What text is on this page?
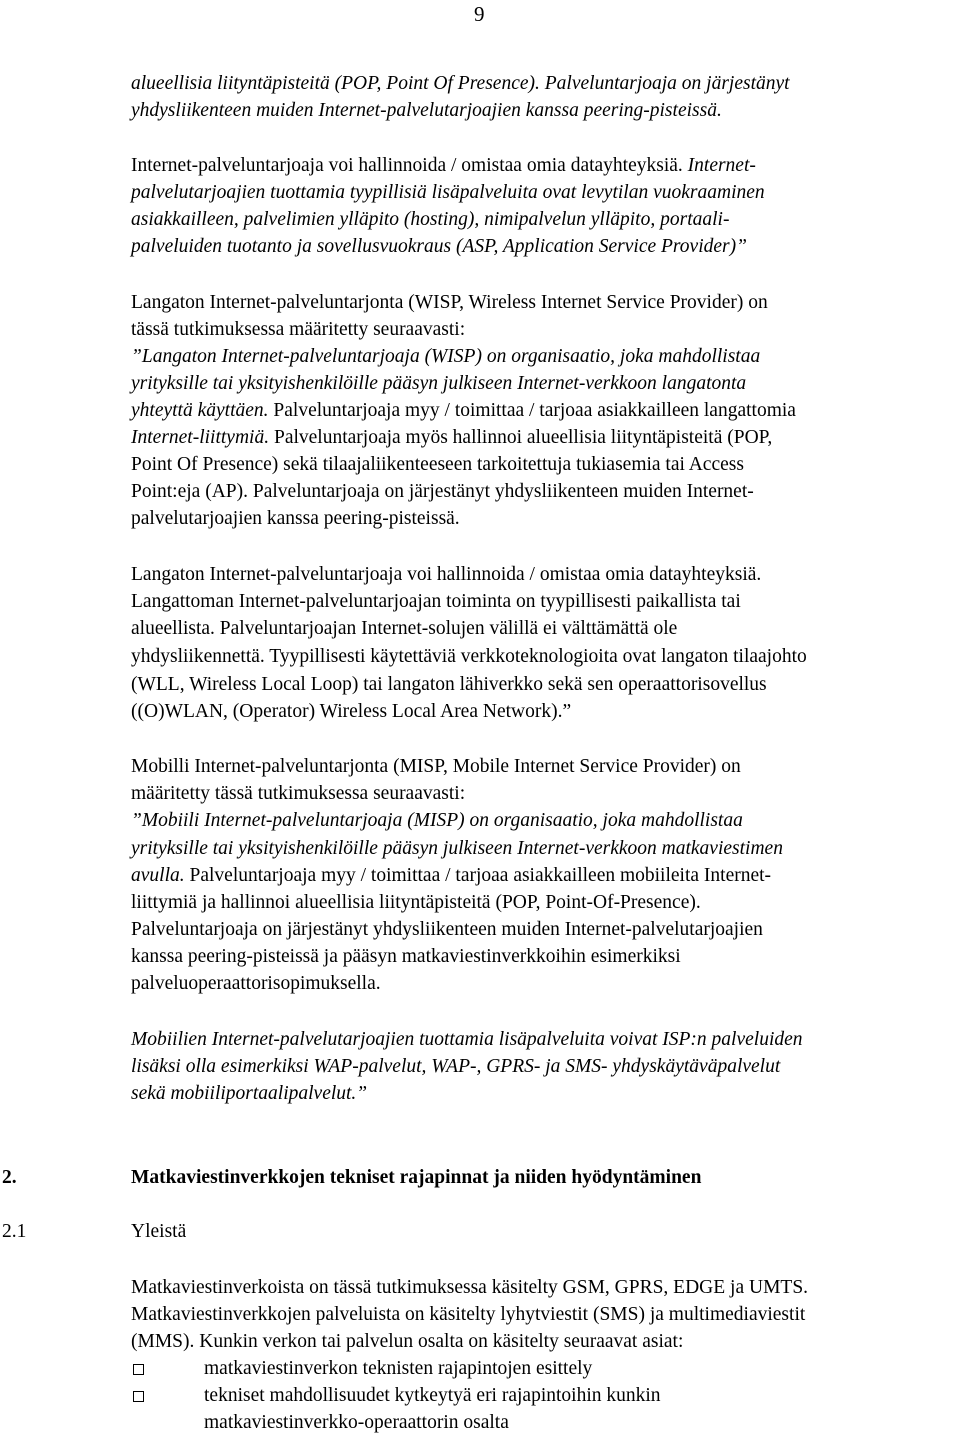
9
alueellisia liityntäpisteitä (POP, Point Of Presence). Palveluntarjoaja on järjestänyt
yhdysliikenteen muiden Internet-palvelutarjoajien kanssa peering-pisteissä.
Internet-palveluntarjoaja voi hallinnoida / omistaa omia datayhteyksiä. Internet-
palvelutarjoajien tuottamia tyypillisiä lisäpalveluita ovat levytilan vuokraaminen
asiakkailleen, palvelimien ylläpito (hosting), nimipalvelun ylläpito, portaali-
palveluiden tuotanto ja sovellusvuokraus (ASP, Application Service Provider)”
Langaton Internet-palveluntarjonta (WISP, Wireless Internet Service Provider) on
tässä tutkimuksessa määritetty seuraavasti:
”Langaton Internet-palveluntarjoaja (WISP) on organisaatio, joka mahdollistaa
yrityksille tai yksityishenkilöille pääsyn julkiseen Internet-verkkoon langatonta
yhteyttä käyttäen. Palveluntarjoaja myy / toimittaa / tarjoaa asiakkailleen langattomia
Internet-liittymiä. Palveluntarjoaja myös hallinnoi alueellisia liityntäpisteitä (POP,
Point Of Presence) sekä tilaajaliikenteeseen tarkoitettuja tukiasemia tai Access
Point:eja (AP). Palveluntarjoaja on järjestänyt yhdysliikenteen muiden Internet-
palvelutarjoajien kanssa peering-pisteissä.
Langaton Internet-palveluntarjoaja voi hallinnoida / omistaa omia datayhteyksiä.
Langattoman Internet-palveluntarjoajan toiminta on tyypillisesti paikallista tai
alueellista. Palveluntarjoajan Internet-solujen välillä ei välttämättä ole
yhdysliikennettä. Tyypillisesti käytettäviä verkkoteknologioita ovat langaton tilaajohto
(WLL, Wireless Local Loop) tai langaton lähiverkko sekä sen operaattorisovellus
((O)WLAN, (Operator) Wireless Local Area Network).”
Mobilli Internet-palveluntarjonta (MISP, Mobile Internet Service Provider) on
määritetty tässä tutkimuksessa seuraavasti:
”Mobiili Internet-palveluntarjoaja (MISP) on organisaatio, joka mahdollistaa
yrityksille tai yksityishenkilöille pääsyn julkiseen Internet-verkkoon matkaviestimen
avulla. Palveluntarjoaja myy / toimittaa / tarjoaa asiakkailleen mobiileita Internet-
liittymiä ja hallinnoi alueellisia liityntäpisteitä (POP, Point-Of-Presence).
Palveluntarjoaja on järjestänyt yhdysliikenteen muiden Internet-palvelutarjoajien
kanssa peering-pisteissä ja pääsyn matkaviestinverkkoihin esimerkiksi
palveluoperaattorisopimuksella.
Mobiilien Internet-palvelutarjoajien tuottamia lisäpalveluita voivat ISP:n palveluiden
lisäksi olla esimerkiksi WAP-palvelut, WAP-, GPRS- ja SMS- yhdyskäytäväpalvelut
sekä mobiiliportaalipalvelut.”
2.	Matkaviestinverkkojen tekniset rajapinnat ja niiden hyödyntäminen
2.1	Yleistä
Matkaviestinverkoista on tässä tutkimuksessa käsitelty GSM, GPRS, EDGE ja UMTS.
Matkaviestinverkkojen palveluista on käsitelty lyhytviestit (SMS) ja multimediaviestit
(MMS). Kunkin verkon tai palvelun osalta on käsitelty seuraavat asiat:
matkaviestinverkon teknisten rajapintojen esittely
tekniset mahdollisuudet kytkeytyä eri rajapintoihin kunkin
matkaviestinverkko-operaattorin osalta
